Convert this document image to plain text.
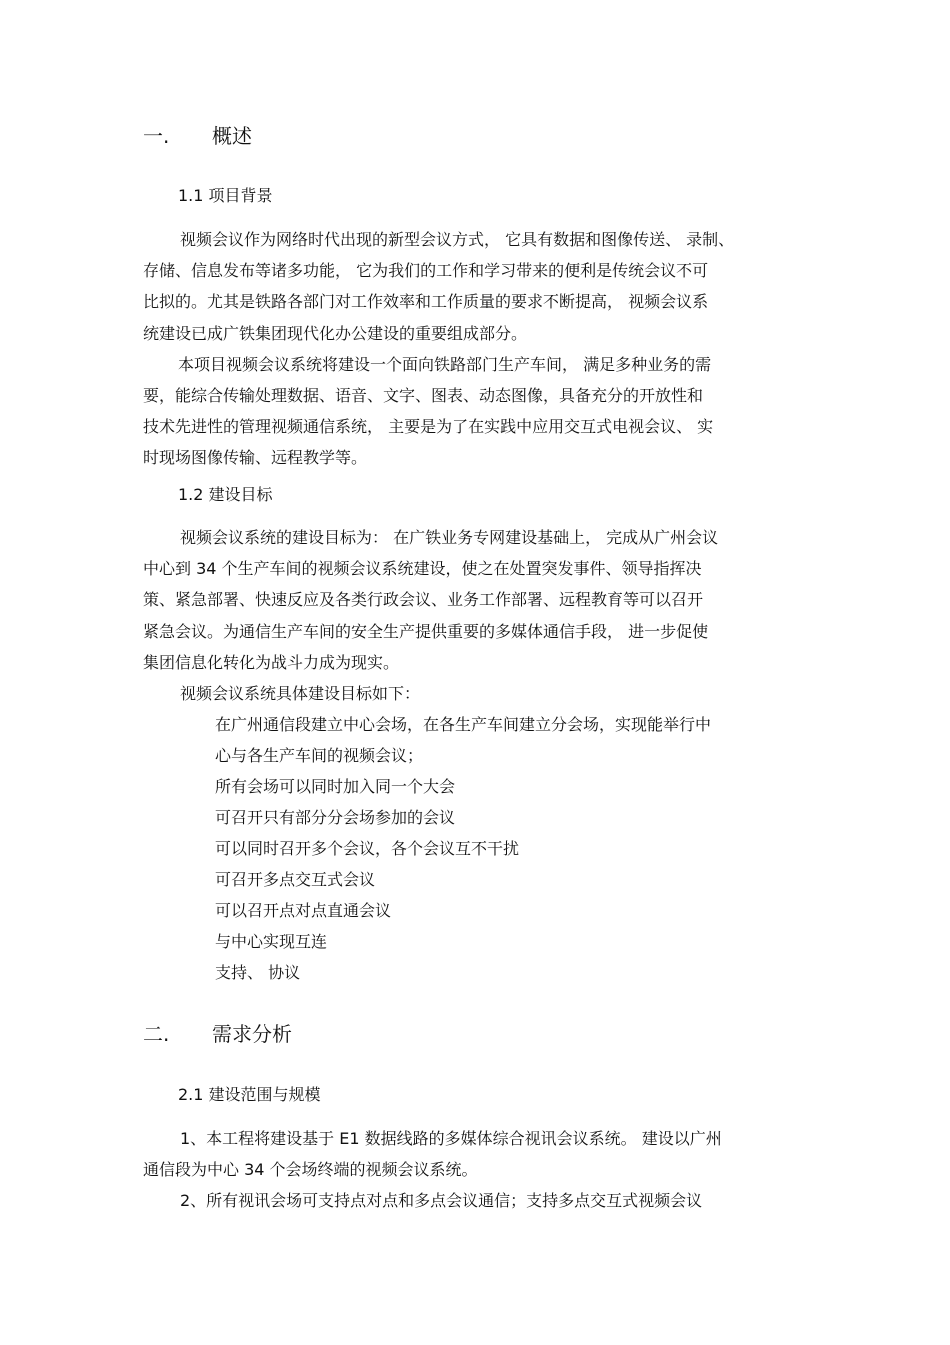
一. 概述
1.1 项目背景
视频会议作为网络时代出现的新型会议方式， 它具有数据和图像传送、 录制、
存储、信息发布等诸多功能， 它为我们的工作和学习带来的便利是传统会议不可
比拟的。尤其是铁路各部门对工作效率和工作质量的要求不断提高， 视频会议系
统建设已成广铁集团现代化办公建设的重要组成部分。
本项目视频会议系统将建设一个面向铁路部门生产车间， 满足多种业务的需
要，能综合传输处理数据、语音、文字、图表、动态图像，具备充分的开放性和
技术先进性的管理视频通信系统， 主要是为了在实践中应用交互式电视会议、 实
时现场图像传输、远程教学等。
1.2 建设目标
视频会议系统的建设目标为： 在广铁业务专网建设基础上， 完成从广州会议
中心到 34 个生产车间的视频会议系统建设，使之在处置突发事件、领导指挥决
策、紧急部署、快速反应及各类行政会议、业务工作部署、远程教育等可以召开
紧急会议。为通信生产车间的安全生产提供重要的多媒体通信手段， 进一步促使
集团信息化转化为战斗力成为现实。
视频会议系统具体建设目标如下：
在广州通信段建立中心会场，在各生产车间建立分会场，实现能举行中
心与各生产车间的视频会议；
所有会场可以同时加入同一个大会
可召开只有部分分会场参加的会议
可以同时召开多个会议，各个会议互不干扰
可召开多点交互式会议
可以召开点对点直通会议
与中心实现互连
支持、 协议
二. 需求分析
2.1 建设范围与规模
1、本工程将建设基于 E1 数据线路的多媒体综合视讯会议系统。 建设以广州
通信段为中心 34 个会场终端的视频会议系统。
2、所有视讯会场可支持点对点和多点会议通信；支持多点交互式视频会议
